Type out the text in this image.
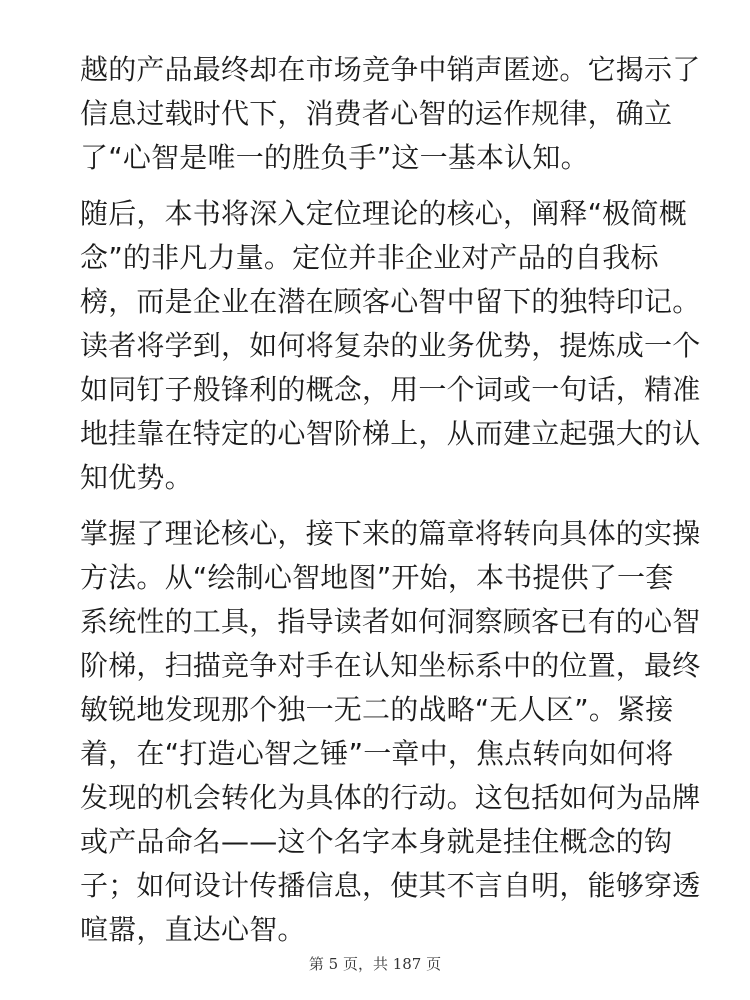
越的产品最终却在市场竞争中销声匿迹。它揭示了
信息过载时代下，消费者心智的运作规律，确立
了“心智是唯一的胜负手”这一基本认知。
随后，本书将深入定位理论的核心，阐释“极简概
念”的非凡力量。定位并非企业对产品的自我标
榜，而是企业在潜在顾客心智中留下的独特印记。
读者将学到，如何将复杂的业务优势，提炼成一个
如同钉子般锋利的概念，用一个词或一句话，精准
地挂靠在特定的心智阶梯上，从而建立起强大的认
知优势。
掌握了理论核心，接下来的篇章将转向具体的实操
方法。从“绘制心智地图”开始，本书提供了一套
系统性的工具，指导读者如何洞察顾客已有的心智
阶梯，扫描竞争对手在认知坐标系中的位置，最终
敏锐地发现那个独一无二的战略“无人区”。紧接
着，在“打造心智之锤”一章中，焦点转向如何将
发现的机会转化为具体的行动。这包括如何为品牌
或产品命名——这个名字本身就是挂住概念的钩
子；如何设计传播信息，使其不言自明，能够穿透
喧嚣，直达心智。
第 5 页，共 187 页
